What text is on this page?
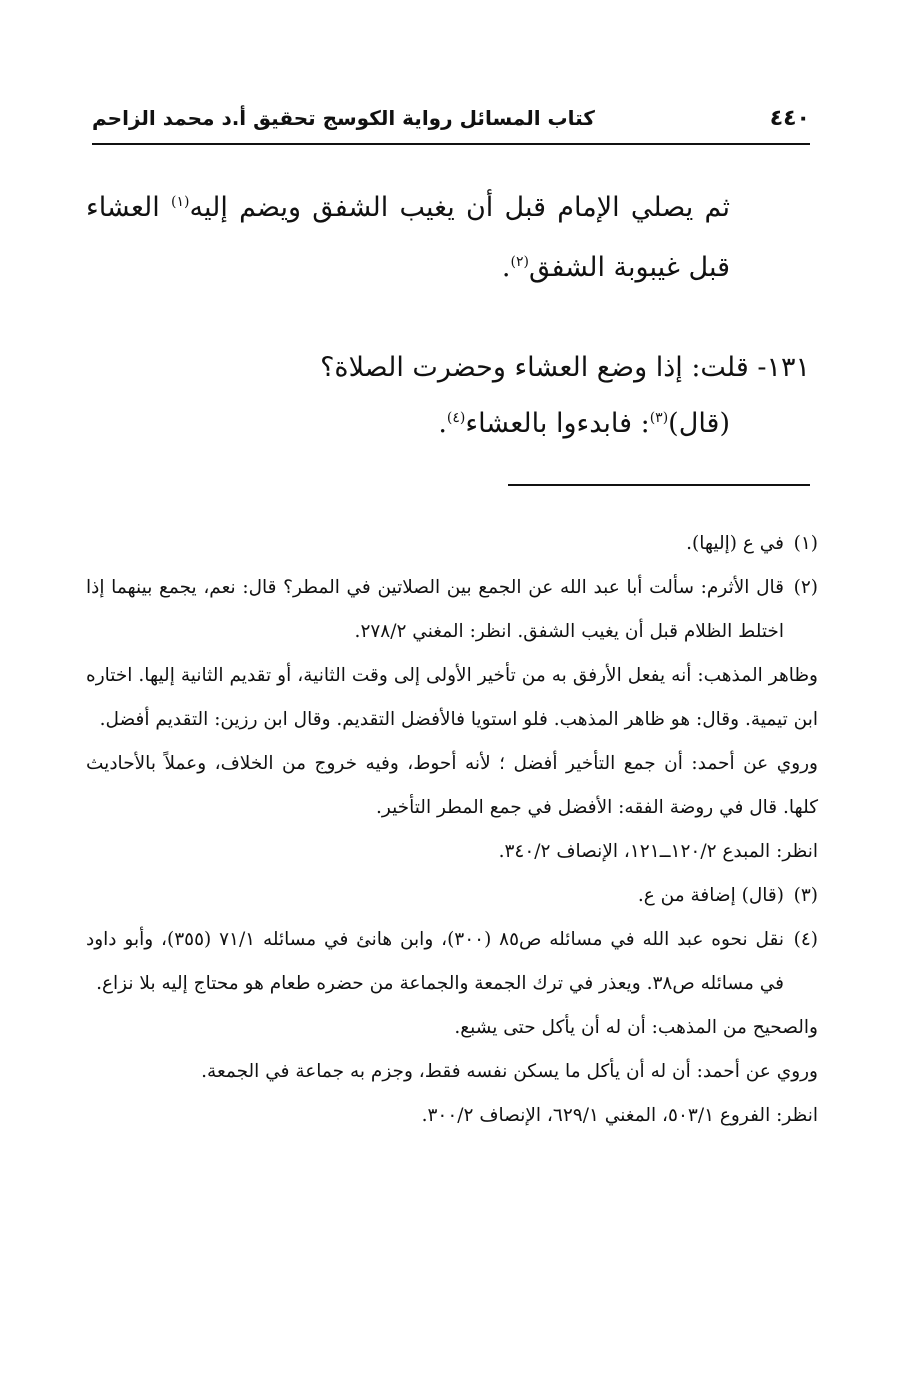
٤٤٠
كتاب المسائل رواية الكوسج تحقيق أ.د محمد الزاحم

ثم يصلي الإمام قبل أن يغيب الشفق ويضم إليه$^{(١)}$ العشاء قبل غيبوبة الشفق$^{(٢)}$.

١٣١- قلت: إذا وضع العشاء وحضرت الصلاة؟

(قال)$^{(٣)}$: فابدءوا بالعشاء$^{(٤)}$.

(١)
في ع (إليها).
(٢)
قال الأثرم: سألت أبا عبد الله عن الجمع بين الصلاتين في المطر؟ قال: نعم، يجمع بينهما إذا اختلط الظلام قبل أن يغيب الشفق. انظر: المغني ٢٧٨/٢.

وظاهر المذهب: أنه يفعل الأرفق به من تأخير الأولى إلى وقت الثانية، أو تقديم الثانية إليها. اختاره ابن تيمية. وقال: هو ظاهر المذهب. فلو استويا فالأفضل التقديم. وقال ابن رزين: التقديم أفضل.

وروي عن أحمد: أن جمع التأخير أفضل ؛ لأنه أحوط، وفيه خروج من الخلاف، وعملاً بالأحاديث كلها. قال في روضة الفقه: الأفضل في جمع المطر التأخير.

انظر: المبدع ١٢٠/٢ــ١٢١، الإنصاف ٣٤٠/٢.

(٣)
(قال) إضافة من ع.
(٤)
نقل نحوه عبد الله في مسائله ص٨٥ (٣٠٠)، وابن هانئ في مسائله ٧١/١ (٣٥٥)، وأبو داود في مسائله ص٣٨. ويعذر في ترك الجمعة والجماعة من حضره طعام هو محتاج إليه بلا نزاع.

والصحيح من المذهب: أن له أن يأكل حتى يشبع.

وروي عن أحمد: أن له أن يأكل ما يسكن نفسه فقط، وجزم به جماعة في الجمعة.

انظر: الفروع ٥٠٣/١، المغني ٦٢٩/١، الإنصاف ٣٠٠/٢.
